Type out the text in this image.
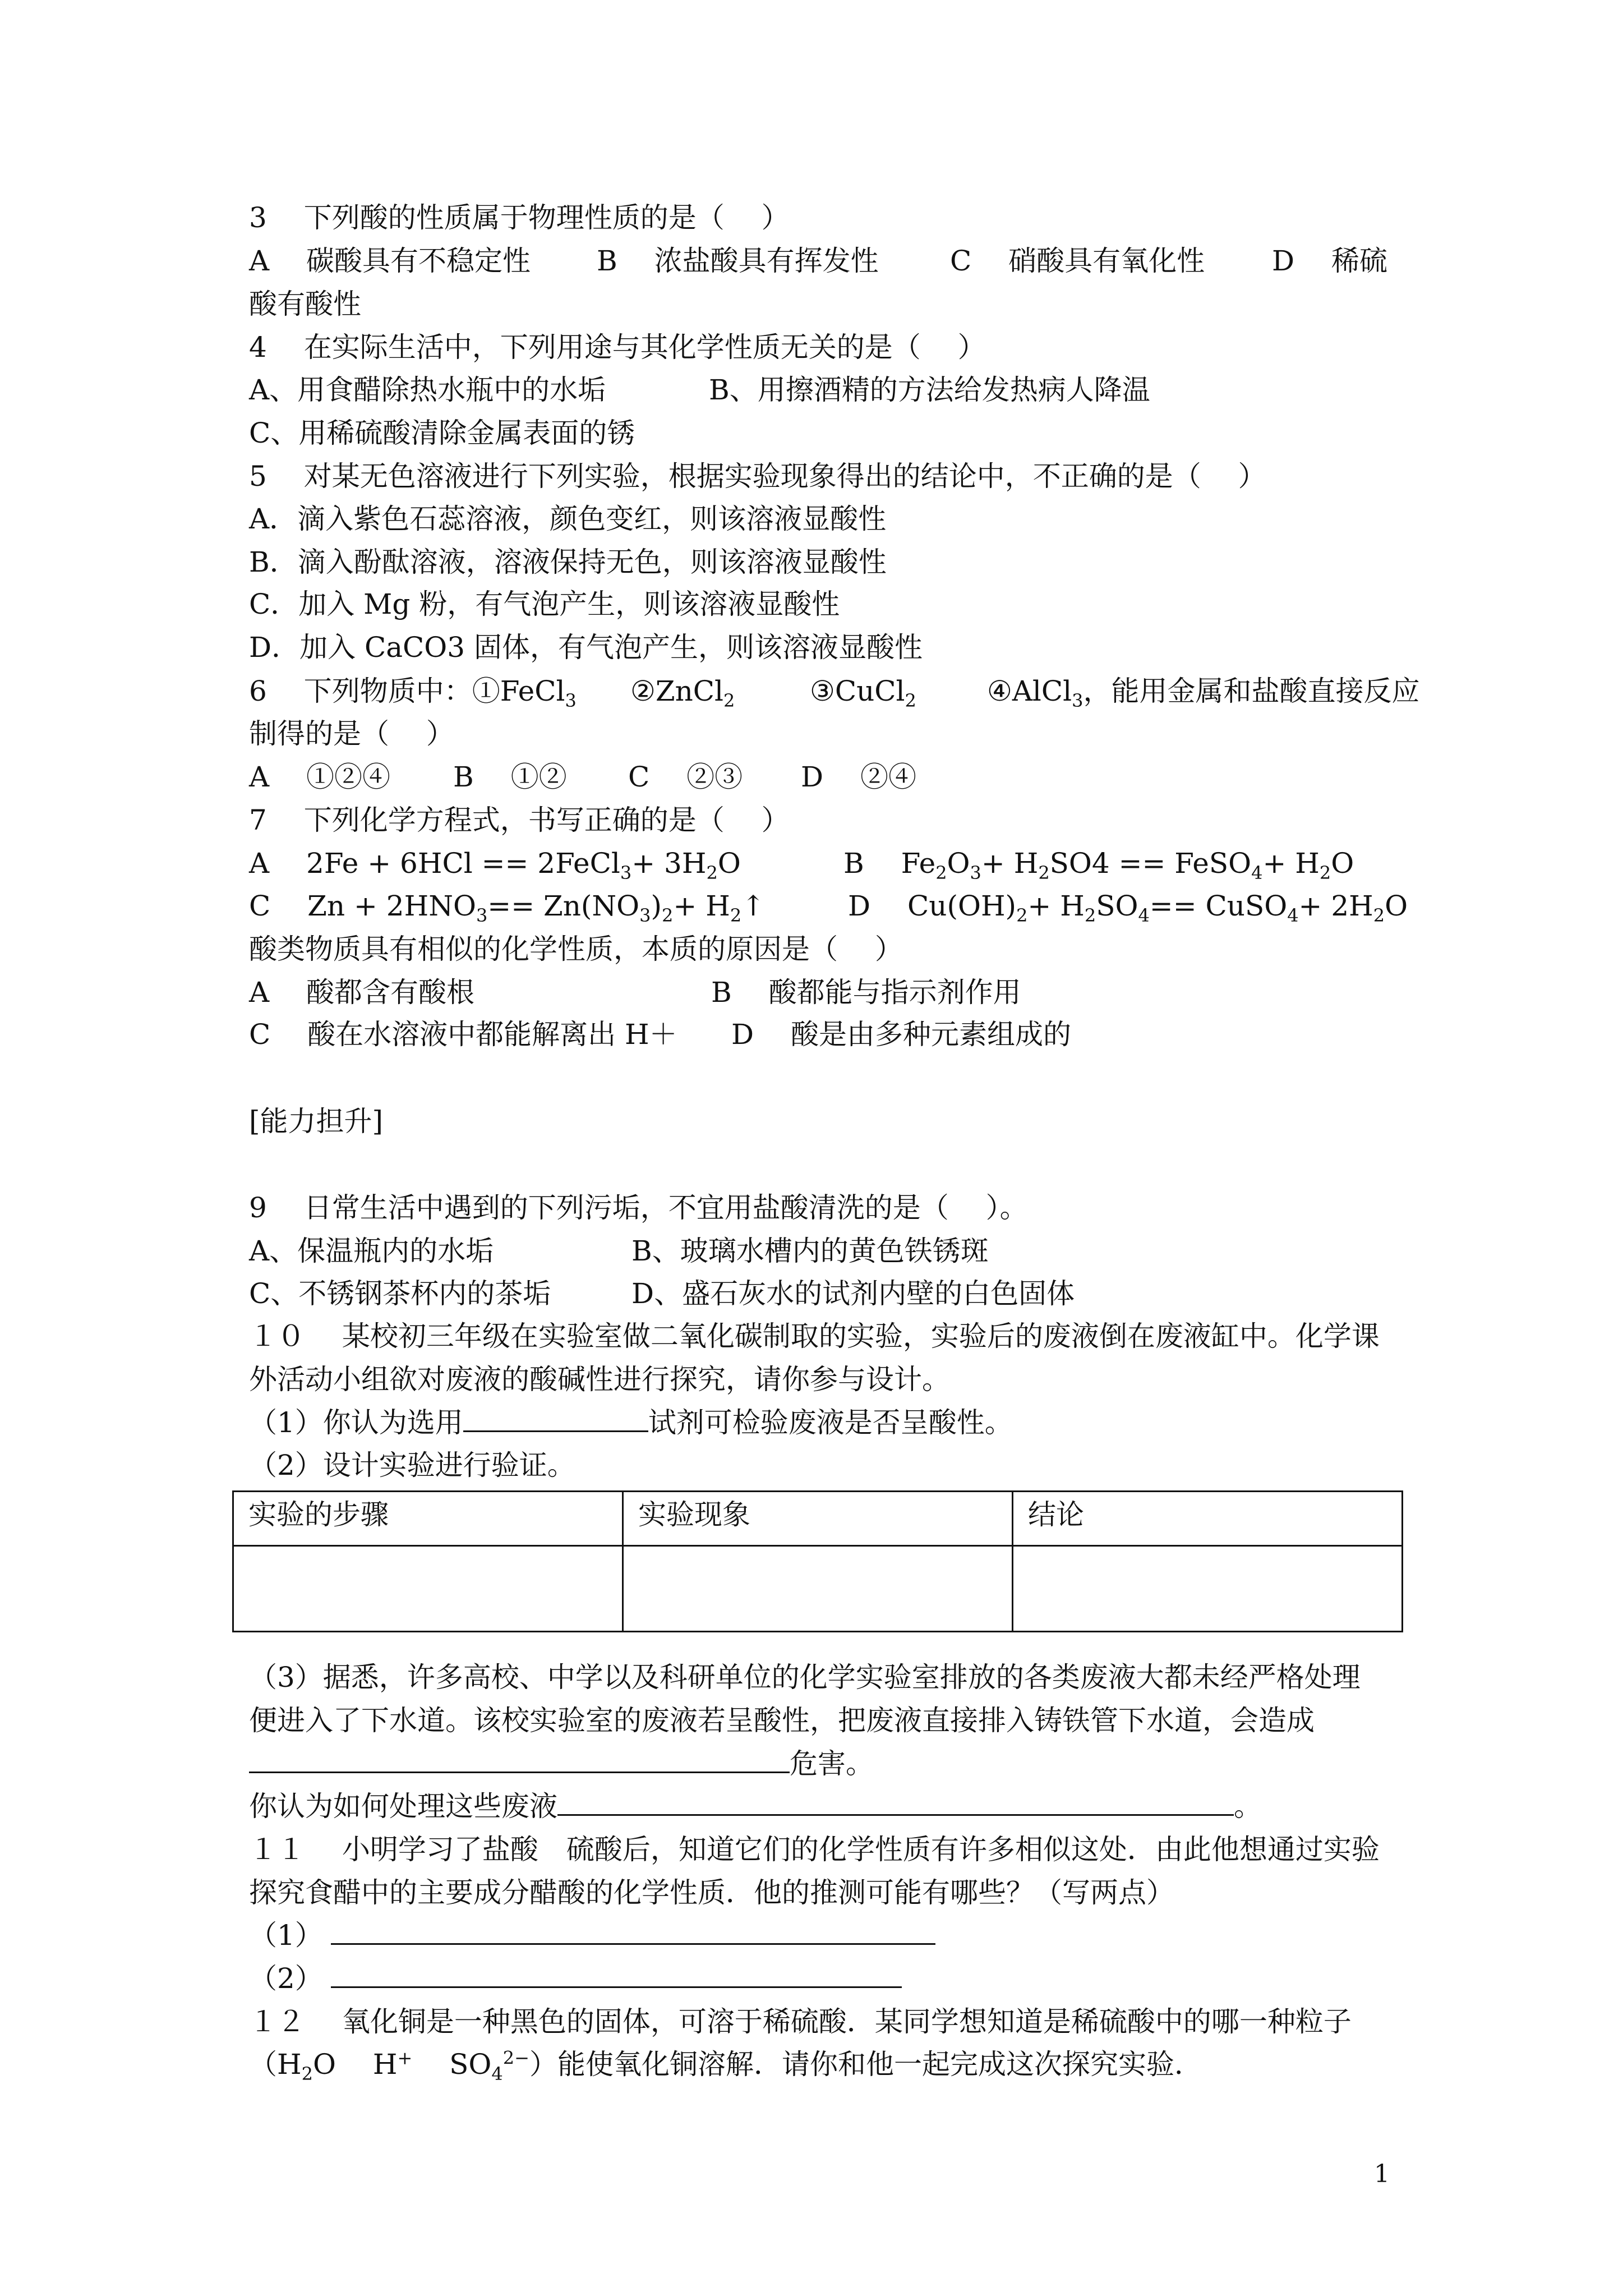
3　 下列酸的性质属于物理性质的是（　 ）
A　 碳酸具有不稳定性 B　 浓盐酸具有挥发性	C　 硝酸具有氧化性 D　 稀硫
酸有酸性
4　 在实际生活中，下列用途与其化学性质无关的是（　 ）
A、用食醋除热水瓶中的水垢	B、用擦酒精的方法给发热病人降温
C、用稀硫酸清除金属表面的锈
5　 对某无色溶液进行下列实验，根据实验现象得出的结论中，不正确的是（　 ）
A．滴入紫色石蕊溶液，颜色变红，则该溶液显酸性
B．滴入酚酞溶液，溶液保持无色，则该溶液显酸性
C．加入 Mg 粉，有气泡产生，则该溶液显酸性
D．加入 CaCO3 固体，有气泡产生，则该溶液显酸性
6　 下列物质中：①FeCl$_3$ ②ZnCl$_2$	③CuCl$_2$	④AlCl$_3$，能用金属和盐酸直接反应
制得的是（　 ）
A　 ①②④ B　 ①② C　 ②③ D　 ②④
7　 下列化学方程式，书写正确的是（　 ）
A　 2Fe + 6HCl == 2FeCl$_3$+ $3H_2O$	B　 $Fe_2O_3+ H_2SO4$ == FeSO$_4$+ $H_2O$
C　 $Zn + 2HNO_3== Zn(NO_3)_2+$ $H_2↑$	D　 $Cu(OH)_2+ H_2SO_4==$ CuSO$_4$+ $2H_2O$
酸类物质具有相似的化学性质，本质的原因是（　 ）
A　 酸都含有酸根	B　 酸都能与指示剂作用
C　 酸在水溶液中都能解离出 H＋ D　 酸是由多种元素组成的
[能力担升]
9　 日常生活中遇到的下列污垢，不宜用盐酸清洗的是（　 ）。
A、保温瓶内的水垢	B、玻璃水槽内的黄色铁锈斑
C、不锈钢茶杯内的茶垢	D、盛石灰水的试剂内壁的白色固体
１０　 某校初三年级在实验室做二氧化碳制取的实验，实验后的废液倒在废液缸中。化学课
外活动小组欲对废液的酸碱性进行探究，请你参与设计。
（1）你认为选用	试剂可检验废液是否呈酸性。
（2）设计实验进行验证。
实验的步骤	实验现象	结论

（3）据悉，许多高校、中学以及科研单位的化学实验室排放的各类废液大都未经严格处理
便进入了下水道。该校实验室的废液若呈酸性，把废液直接排入铸铁管下水道，会造成
危害。
你认为如何处理这些废液	。
１１　 小明学习了盐酸　硫酸后，知道它们的化学性质有许多相似这处．由此他想通过实验
探究食醋中的主要成分醋酸的化学性质．他的推测可能有哪些？（写两点）
（1）
（2）
１２　 氧化铜是一种黑色的固体，可溶于稀硫酸．某同学想知道是稀硫酸中的哪一种粒子
（$H_2O$　 H+　 $SO_4^{2-}$）能使氧化铜溶解．请你和他一起完成这次探究实验．
1
